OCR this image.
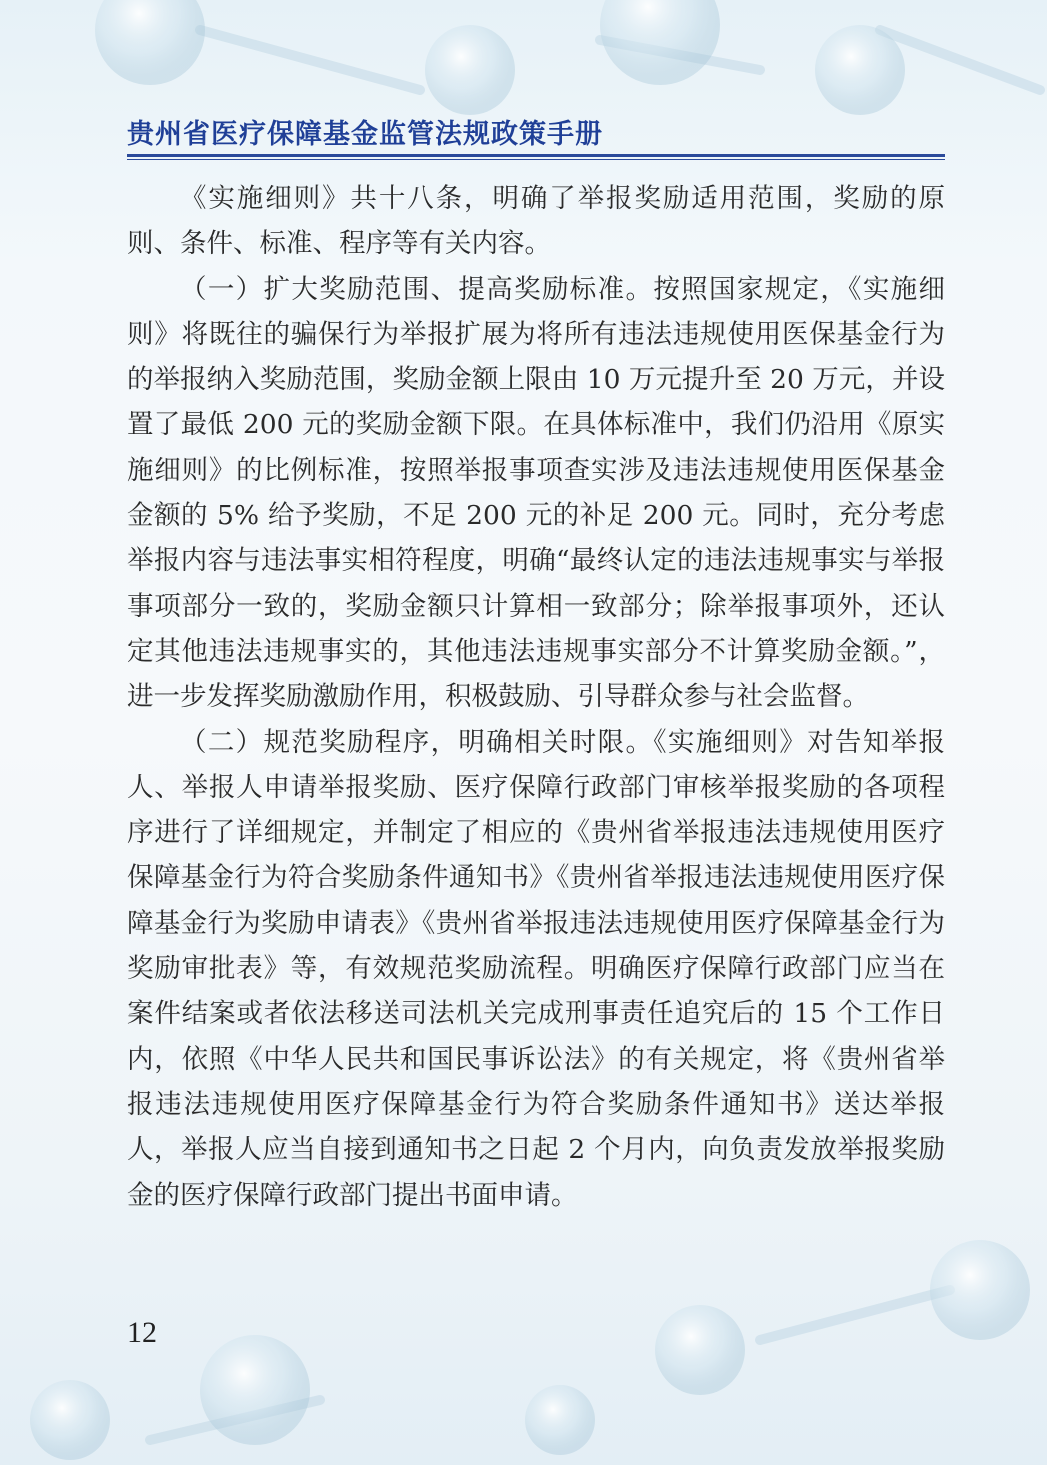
贵州省医疗保障基金监管法规政策手册

《实施细则》共十八条，明确了举报奖励适用范围，奖励的原则、条件、标准、程序等有关内容。

（一）扩大奖励范围、提高奖励标准。按照国家规定，《实施细则》将既往的骗保行为举报扩展为将所有违法违规使用医保基金行为的举报纳入奖励范围，奖励金额上限由 10 万元提升至 20 万元，并设置了最低 200 元的奖励金额下限。在具体标准中，我们仍沿用《原实施细则》的比例标准，按照举报事项查实涉及违法违规使用医保基金金额的 5% 给予奖励，不足 200 元的补足 200 元。同时，充分考虑举报内容与违法事实相符程度，明确“最终认定的违法违规事实与举报事项部分一致的，奖励金额只计算相一致部分；除举报事项外，还认定其他违法违规事实的，其他违法违规事实部分不计算奖励金额。”，进一步发挥奖励激励作用，积极鼓励、引导群众参与社会监督。

（二）规范奖励程序，明确相关时限。《实施细则》对告知举报人、举报人申请举报奖励、医疗保障行政部门审核举报奖励的各项程序进行了详细规定，并制定了相应的《贵州省举报违法违规使用医疗保障基金行为符合奖励条件通知书》《贵州省举报违法违规使用医疗保障基金行为奖励申请表》《贵州省举报违法违规使用医疗保障基金行为奖励审批表》等，有效规范奖励流程。明确医疗保障行政部门应当在案件结案或者依法移送司法机关完成刑事责任追究后的 15 个工作日内，依照《中华人民共和国民事诉讼法》的有关规定，将《贵州省举报违法违规使用医疗保障基金行为符合奖励条件通知书》送达举报人，举报人应当自接到通知书之日起 2 个月内，向负责发放举报奖励金的医疗保障行政部门提出书面申请。

12
